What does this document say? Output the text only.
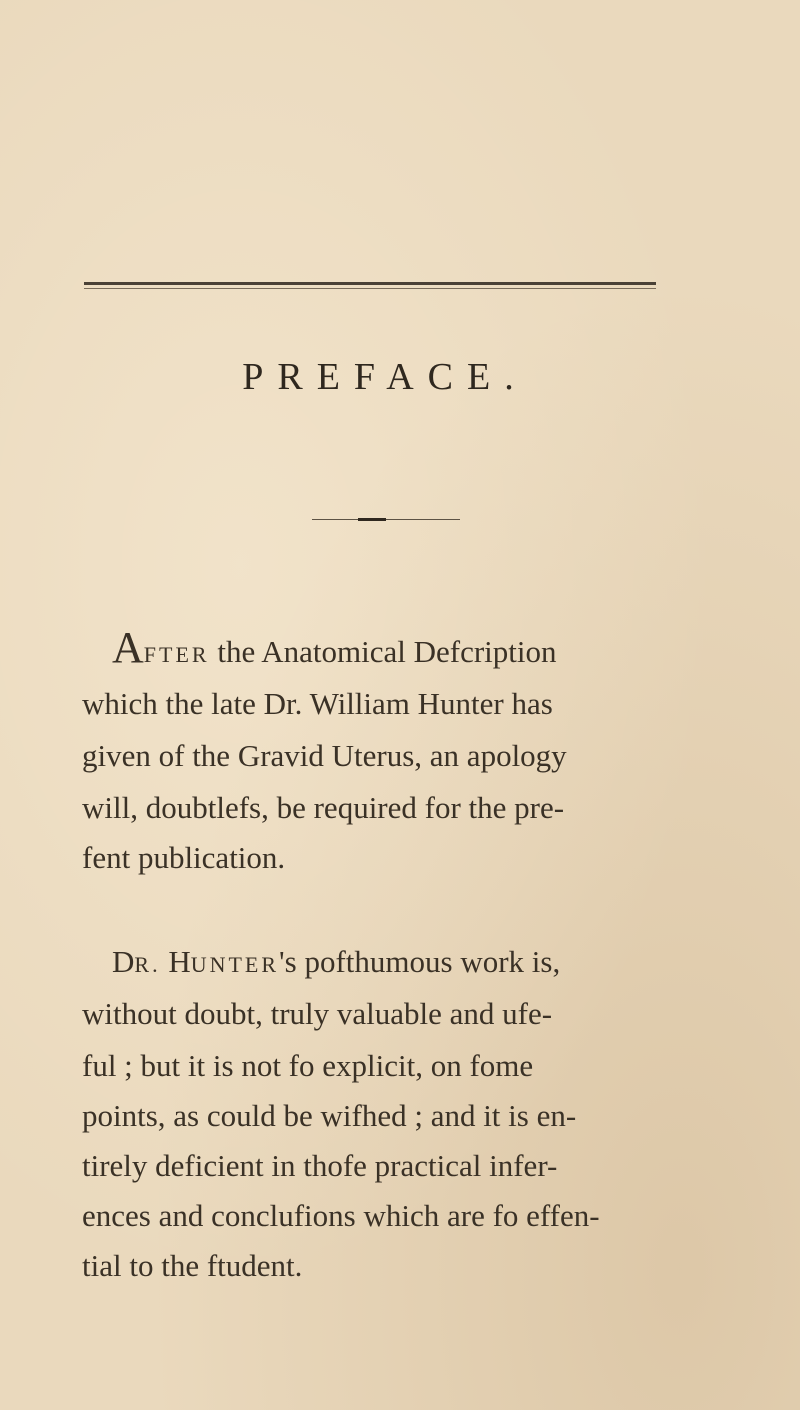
PREFACE.
AFTER the Anatomical Defcription
which the late Dr. William Hunter has
given of the Gravid Uterus, an apology
will, doubtlefs, be required for the pre-
fent publication.
DR. HUNTER's pofthumous work is,
without doubt, truly valuable and ufe-
ful ; but it is not fo explicit, on fome
points, as could be wifhed ; and it is en-
tirely deficient in thofe practical infer-
ences and conclufions which are fo effen-
tial to the ftudent.
